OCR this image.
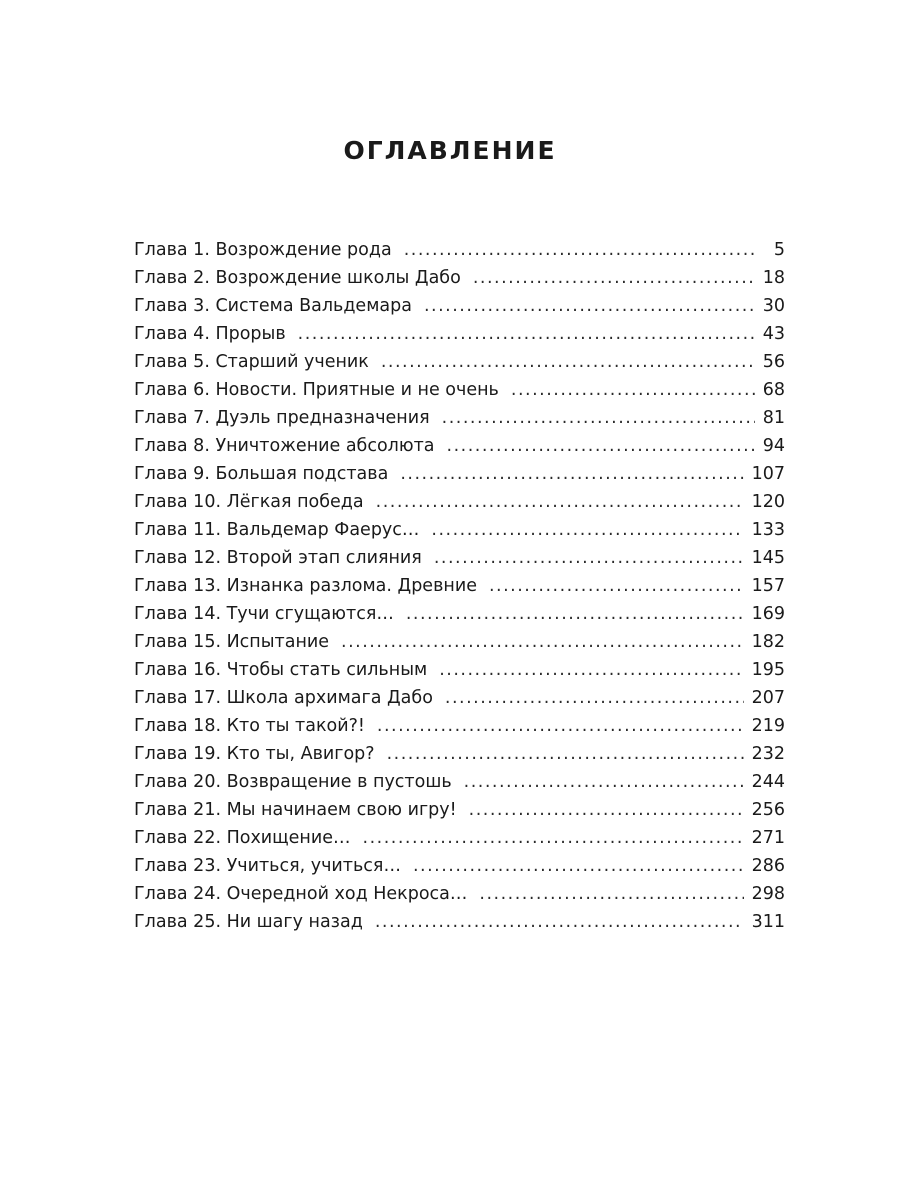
ОГЛАВЛЕНИЕ
Глава 1. Возрождение рода .....	5
Глава 2. Возрождение школы Дабо .....	18
Глава 3. Система Вальдемара .....	30
Глава 4. Прорыв .....	43
Глава 5. Старший ученик .....	56
Глава 6. Новости. Приятные и не очень .....	68
Глава 7. Дуэль предназначения .....	81
Глава 8. Уничтожение абсолюта .....	94
Глава 9. Большая подстава .....	107
Глава 10. Лёгкая победа .....	120
Глава 11. Вальдемар Фаерус… .....	133
Глава 12. Второй этап слияния .....	145
Глава 13. Изнанка разлома. Древние .....	157
Глава 14. Тучи сгущаются… .....	169
Глава 15. Испытание .....	182
Глава 16. Чтобы стать сильным .....	195
Глава 17. Школа архимага Дабо .....	207
Глава 18. Кто ты такой?! .....	219
Глава 19. Кто ты, Авигор? .....	232
Глава 20. Возвращение в пустошь .....	244
Глава 21. Мы начинаем свою игру! .....	256
Глава 22. Похищение… .....	271
Глава 23. Учиться, учиться… .....	286
Глава 24. Очередной ход Некроса… .....	298
Глава 25. Ни шагу назад .....	311
